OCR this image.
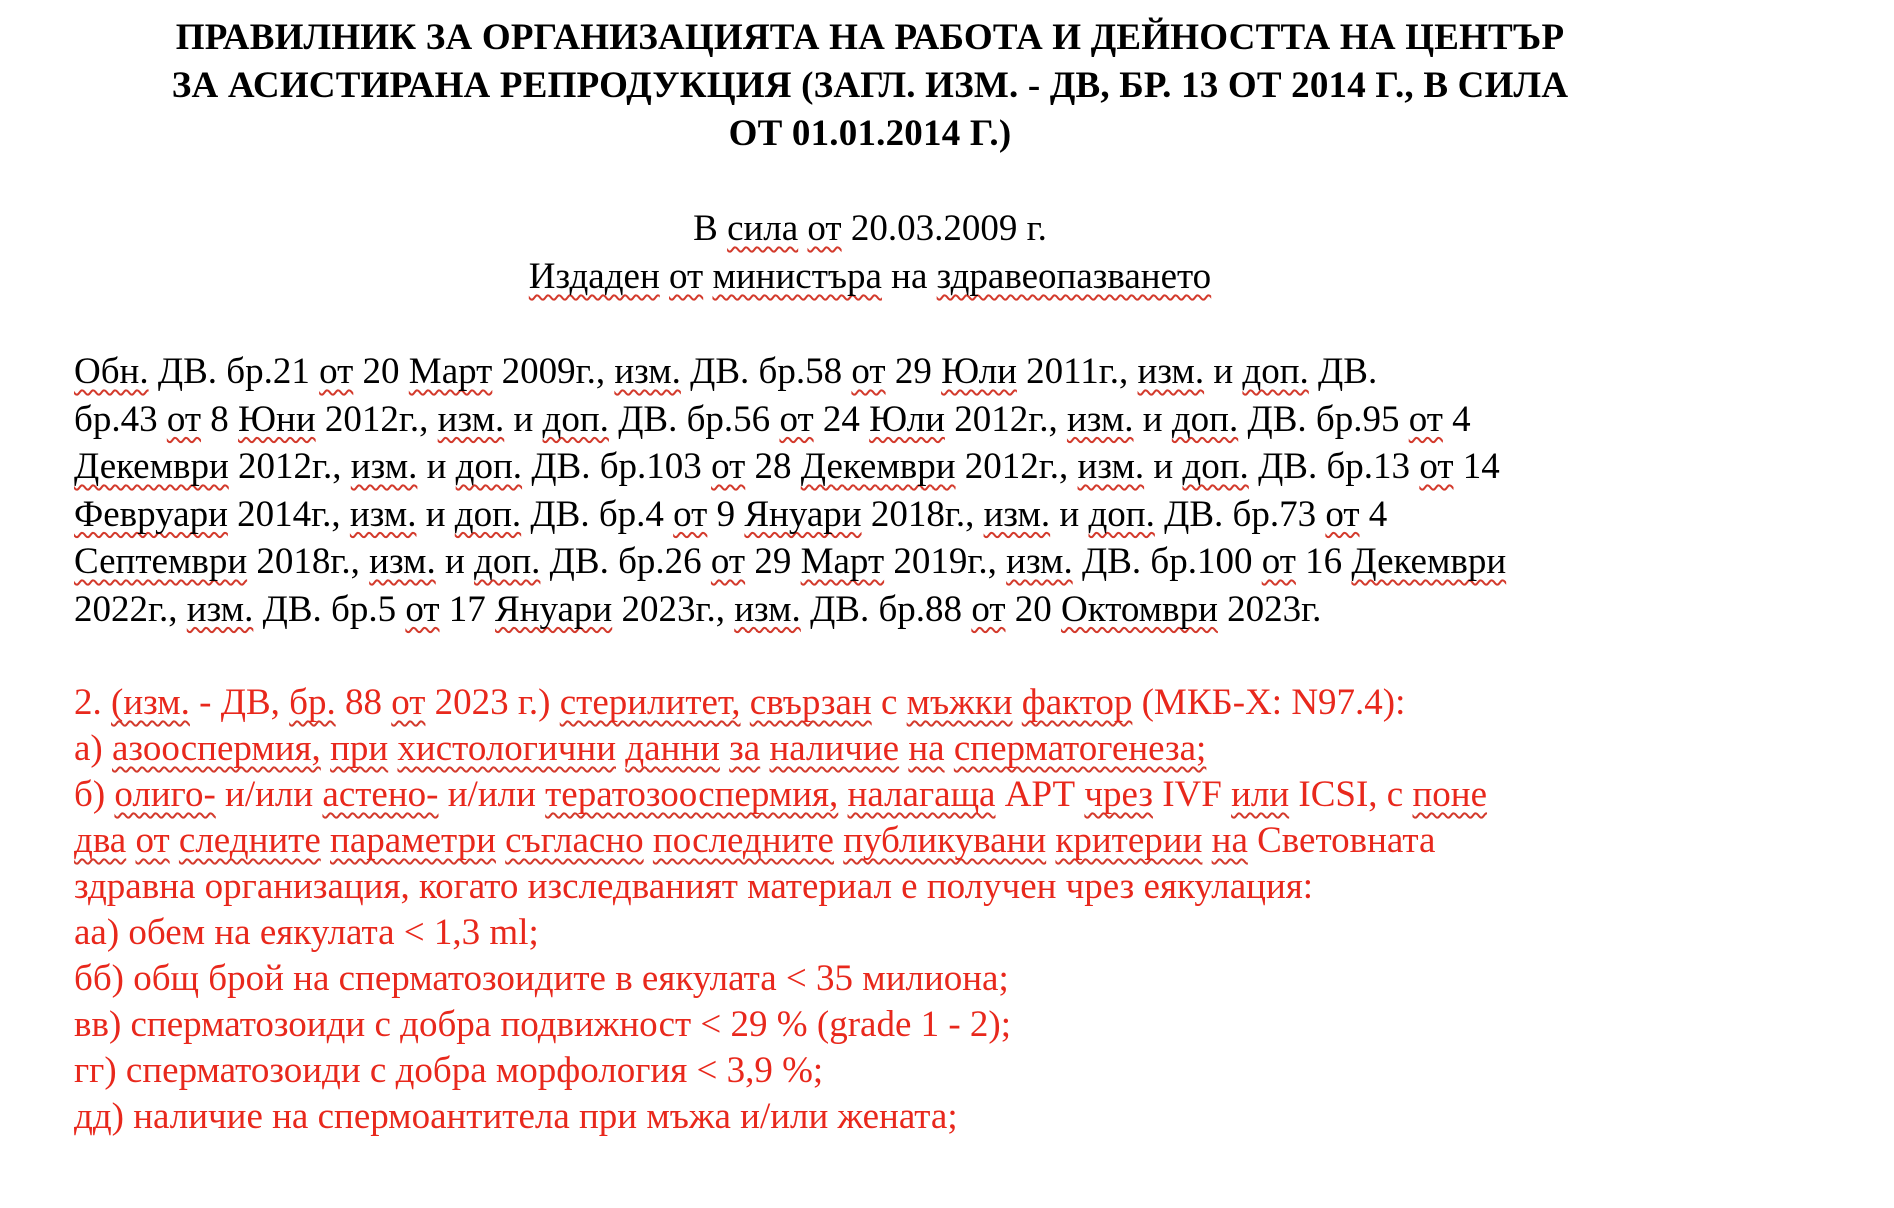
ПРАВИЛНИК ЗА ОРГАНИЗАЦИЯТА НА РАБОТА И ДЕЙНОСТТА НА ЦЕНТЪР
ЗА АСИСТИРАНА РЕПРОДУКЦИЯ (ЗАГЛ. ИЗМ. - ДВ, БР. 13 ОТ 2014 Г., В СИЛА
ОТ 01.01.2014 Г.)
В сила от 20.03.2009 г.
Издаден от министъра на здравеопазването
Обн. ДВ. бр.21 от 20 Март 2009г., изм. ДВ. бр.58 от 29 Юли 2011г., изм. и доп. ДВ.
бр.43 от 8 Юни 2012г., изм. и доп. ДВ. бр.56 от 24 Юли 2012г., изм. и доп. ДВ. бр.95 от 4
Декември 2012г., изм. и доп. ДВ. бр.103 от 28 Декември 2012г., изм. и доп. ДВ. бр.13 от 14
Февруари 2014г., изм. и доп. ДВ. бр.4 от 9 Януари 2018г., изм. и доп. ДВ. бр.73 от 4
Септември 2018г., изм. и доп. ДВ. бр.26 от 29 Март 2019г., изм. ДВ. бр.100 от 16 Декември
2022г., изм. ДВ. бр.5 от 17 Януари 2023г., изм. ДВ. бр.88 от 20 Октомври 2023г.
2. (изм. - ДВ, бр. 88 от 2023 г.) стерилитет, свързан с мъжки фактор (МКБ-Х: N97.4):
а) азооспермия, при хистологични данни за наличие на сперматогенеза;
б) олиго- и/или астено- и/или тератозооспермия, налагаща АРТ чрез IVF или ICSI, с поне
два от следните параметри съгласно последните публикувани критерии на Световната
здравна организация, когато изследваният материал е получен чрез еякулация:
аа) обем на еякулата < 1,3 ml;
бб) общ брой на сперматозоидите в еякулата < 35 милиона;
вв) сперматозоиди с добра подвижност < 29 % (grade 1 - 2);
гг) сперматозоиди с добра морфология < 3,9 %;
дд) наличие на спермоантитела при мъжа и/или жената;
